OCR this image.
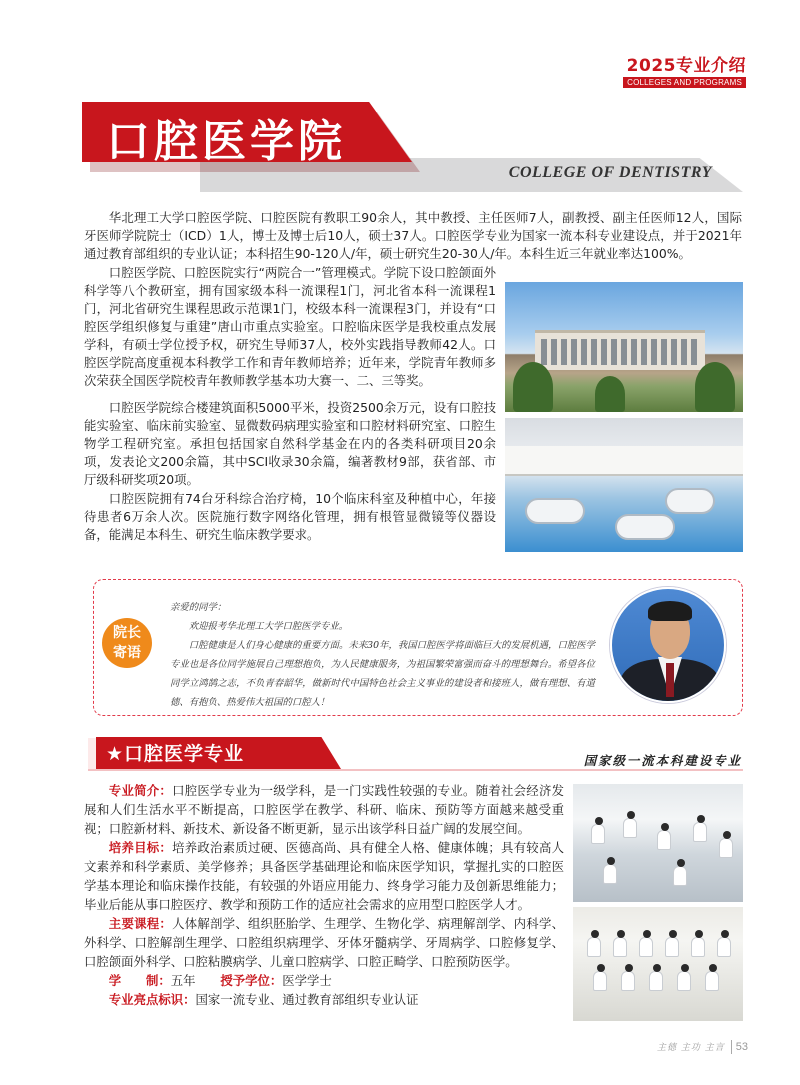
2025专业介绍
COLLEGES AND PROGRAMS
COLLEGE OF DENTISTRY
口腔医学院

华北理工大学口腔医学院、口腔医院有教职工90余人，其中教授、主任医师7人，副教授、副主任医师12人，国际牙医师学院院士（ICD）1人，博士及博士后10人，硕士37人。口腔医学专业为国家一流本科专业建设点，并于2021年通过教育部组织的专业认证；本科招生90-120人/年，硕士研究生20-30人/年。本科生近三年就业率达100%。

口腔医学院、口腔医院实行“两院合一”管理模式。学院下设口腔颌面外科学等八个教研室，拥有国家级本科一流课程1门，河北省本科一流课程1门，河北省研究生课程思政示范课1门，校级本科一流课程3门，并设有“口腔医学组织修复与重建”唐山市重点实验室。口腔临床医学是我校重点发展学科，有硕士学位授予权，研究生导师37人，校外实践指导教师42人。口腔医学院高度重视本科教学工作和青年教师培养；近年来，学院青年教师多次荣获全国医学院校青年教师教学基本功大赛一、二、三等奖。

口腔医学院综合楼建筑面积5000平米，投资2500余万元，设有口腔技能实验室、临床前实验室、显微数码病理实验室和口腔材料研究室、口腔生物学工程研究室。承担包括国家自然科学基金在内的各类科研项目20余项，发表论文200余篇，其中SCI收录30余篇，编著教材9部，获省部、市厅级科研奖项20项。

口腔医院拥有74台牙科综合治疗椅，10个临床科室及种植中心，年接待患者6万余人次。医院施行数字网络化管理，拥有根管显微镜等仪器设备，能满足本科生、研究生临床教学要求。

院长
寄语

亲爱的同学：

欢迎报考华北理工大学口腔医学专业。

口腔健康是人们身心健康的重要方面。未来30年，我国口腔医学将面临巨大的发展机遇，口腔医学专业也是各位同学施展自己理想抱负，为人民健康服务，为祖国繁荣富强而奋斗的理想舞台。希望各位同学立鸿鹄之志，不负青春韶华，做新时代中国特色社会主义事业的建设者和接班人，做有理想、有道德、有抱负、热爱伟大祖国的口腔人！

★口腔医学专业	国家级一流本科建设专业

专业简介：口腔医学专业为一级学科，是一门实践性较强的专业。随着社会经济发展和人们生活水平不断提高，口腔医学在教学、科研、临床、预防等方面越来越受重视；口腔新材料、新技术、新设备不断更新，显示出该学科日益广阔的发展空间。

培养目标：培养政治素质过硬、医德高尚、具有健全人格、健康体魄；具有较高人文素养和科学素质、美学修养；具备医学基础理论和临床医学知识，掌握扎实的口腔医学基本理论和临床操作技能，有较强的外语应用能力、终身学习能力及创新思维能力；毕业后能从事口腔医疗、教学和预防工作的适应社会需求的应用型口腔医学人才。

主要课程：人体解剖学、组织胚胎学、生理学、生物化学、病理解剖学、内科学、外科学、口腔解剖生理学、口腔组织病理学、牙体牙髓病学、牙周病学、口腔修复学、口腔颌面外科学、口腔粘膜病学、儿童口腔病学、口腔正畸学、口腔预防医学。

学　　制：五年　　 授予学位：医学学士

专业亮点标识：国家一流专业、通过教育部组织专业认证

主德 主功 主言 53
